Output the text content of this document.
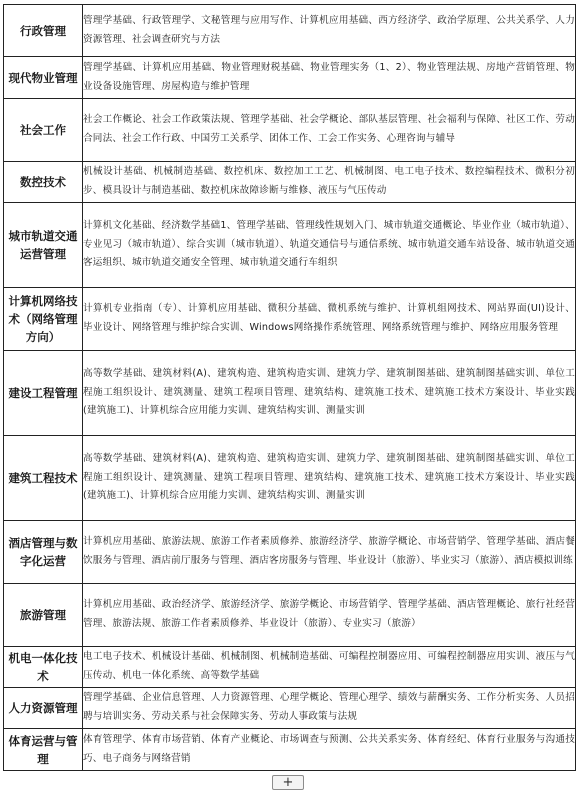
行政管理	管理学基础、行政管理学、文秘管理与应用写作、计算机应用基础、西方经济学、政治学原理、公共关系学、人力资源管理、社会调查研究与方法
现代物业管理	管理学基础、计算机应用基础、物业管理财税基础、物业管理实务（1、2）、物业管理法规、房地产营销管理、物业设备设施管理、房屋构造与维护管理
社会工作	社会工作概论、社会工作政策法规、管理学基础、社会学概论、部队基层管理、社会福利与保障、社区工作、劳动合同法、社会工作行政、中国劳工关系学、团体工作、工会工作实务、心理咨询与辅导
数控技术	机械设计基础、机械制造基础、数控机床、数控加工工艺、机械制图、电工电子技术、数控编程技术、微积分初步、模具设计与制造基础、数控机床故障诊断与维修、液压与气压传动
城市轨道交通运营管理	计算机文化基础、经济数学基础1、管理学基础、管理线性规划入门、城市轨道交通概论、毕业作业（城市轨道）、专业见习（城市轨道）、综合实训（城市轨道）、轨道交通信号与通信系统、城市轨道交通车站设备、城市轨道交通客运组织、城市轨道交通安全管理、城市轨道交通行车组织
计算机网络技术（网络管理方向）	计算机专业指南（专）、计算机应用基础、微积分基础、微机系统与维护、计算机组网技术、网站界面(UI)设计、毕业设计、网络管理与维护综合实训、Windows网络操作系统管理、网络系统管理与维护、网络应用服务管理
建设工程管理	高等数学基础、建筑材料(A)、建筑构造、建筑构造实训、建筑力学、建筑制图基础、建筑制图基础实训、单位工程施工组织设计、建筑测量、建筑工程项目管理、建筑结构、建筑施工技术、建筑施工技术方案设计、毕业实践(建筑施工)、计算机综合应用能力实训、建筑结构实训、测量实训
建筑工程技术	高等数学基础、建筑材料(A)、建筑构造、建筑构造实训、建筑力学、建筑制图基础、建筑制图基础实训、单位工程施工组织设计、建筑测量、建筑工程项目管理、建筑结构、建筑施工技术、建筑施工技术方案设计、毕业实践(建筑施工)、计算机综合应用能力实训、建筑结构实训、测量实训
酒店管理与数字化运营	计算机应用基础、旅游法规、旅游工作者素质修养、旅游经济学、旅游学概论、市场营销学、管理学基础、酒店餐饮服务与管理、酒店前厅服务与管理、酒店客房服务与管理、毕业设计（旅游）、毕业实习（旅游）、酒店模拟训练
旅游管理	计算机应用基础、政治经济学、旅游经济学、旅游学概论、市场营销学、管理学基础、酒店管理概论、旅行社经营管理、旅游法规、旅游工作者素质修养、毕业设计（旅游）、专业实习（旅游）
机电一体化技术	电工电子技术、机械设计基础、机械制图、机械制造基础、可编程控制器应用、可编程控制器应用实训、液压与气压传动、机电一体化系统、高等数学基础
人力资源管理	管理学基础、企业信息管理、人力资源管理、心理学概论、管理心理学、绩效与薪酬实务、工作分析实务、人员招聘与培训实务、劳动关系与社会保障实务、劳动人事政策与法规
体育运营与管理	体育管理学、体育市场营销、体育产业概论、市场调查与预测、公共关系实务、体育经纪、体育行业服务与沟通技巧、电子商务与网络营销
+
